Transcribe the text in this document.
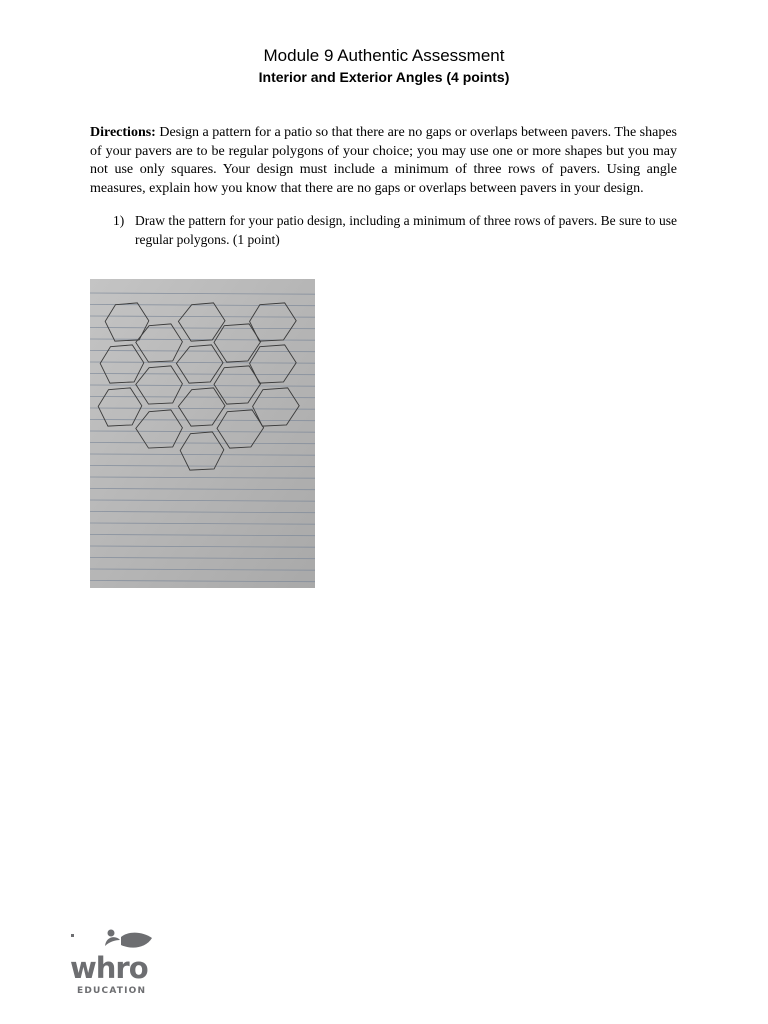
Module 9 Authentic Assessment
Interior and Exterior Angles (4 points)

Directions: Design a pattern for a patio so that there are no gaps or overlaps between pavers. The shapes of your pavers are to be regular polygons of your choice; you may use one or more shapes but you may not use only squares. Your design must include a minimum of three rows of pavers. Using angle measures, explain how you know that there are no gaps or overlaps between pavers in your design.

1) Draw the pattern for your patio design, including a minimum of three rows of pavers. Be sure to use regular polygons. (1 point)
whro
EDUCATION
